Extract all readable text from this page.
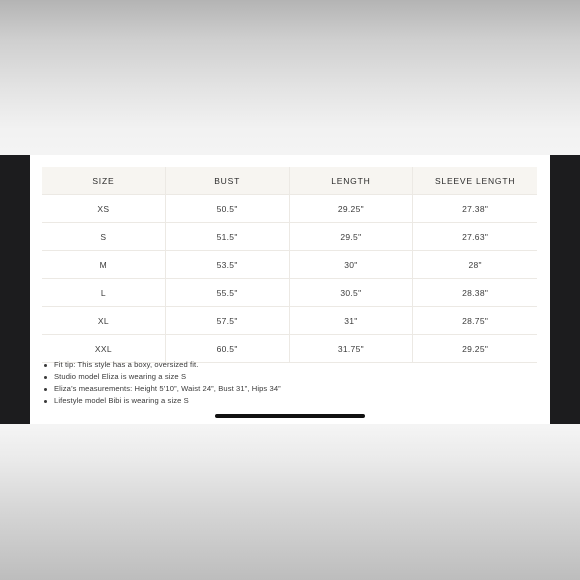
SIZE	BUST	LENGTH	SLEEVE LENGTH
XS	50.5"	29.25"	27.38"
S	51.5"	29.5"	27.63"
M	53.5"	30"	28"
L	55.5"	30.5"	28.38"
XL	57.5"	31"	28.75"
XXL	60.5"	31.75"	29.25"
Fit tip: This style has a boxy, oversized fit.
Studio model Eliza is wearing a size S
Eliza’s measurements: Height 5’10”, Waist 24”, Bust 31”, Hips 34”
Lifestyle model Bibi is wearing a size S
